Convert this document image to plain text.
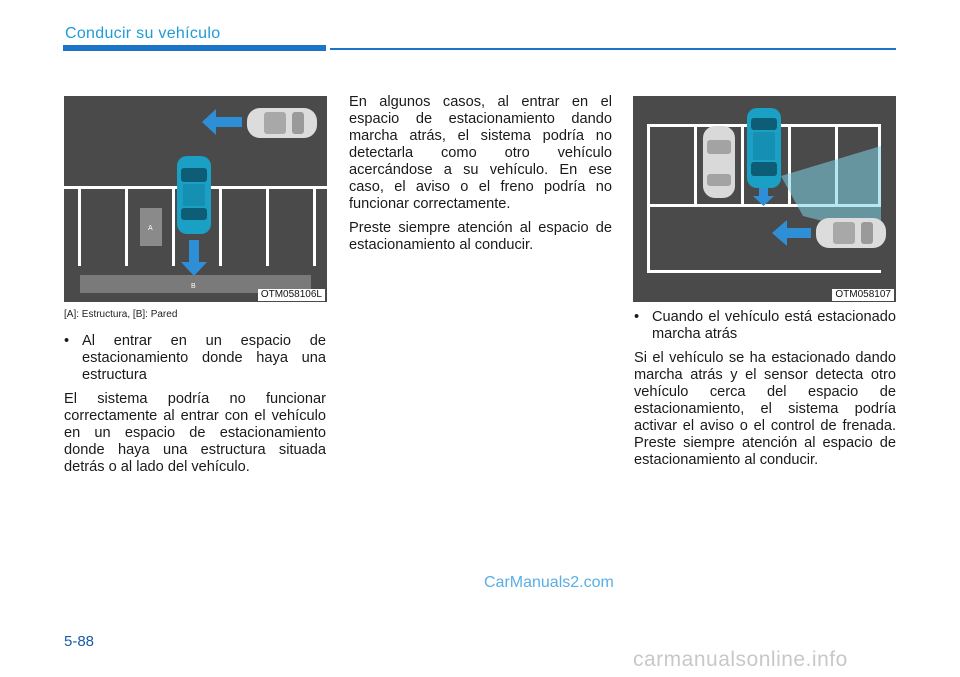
Conducir su vehículo
A
B
OTM058106L
[A]: Estructura, [B]: Pared
• Al entrar en un espacio de estacionamiento donde haya una estructura

El sistema podría no funcionar correctamente al entrar con el vehículo en un espacio de estacionamiento donde haya una estructura situada detrás o al lado del vehículo.

En algunos casos, al entrar en el espacio de estacionamiento dando marcha atrás, el sistema podría no detectarla como otro vehículo acercándose a su vehículo. En ese caso, el aviso o el freno podría no funcionar correctamente.

Preste siempre atención al espacio de estacionamiento al conducir.

OTM058107
• Cuando el vehículo está estacionado marcha atrás

Si el vehículo se ha estacionado dando marcha atrás y el sensor detecta otro vehículo cerca del espacio de estacionamiento, el sistema podría activar el aviso o el control de frenada. Preste siempre atención al espacio de estacionamiento al conducir.

CarManuals2.com
5-88
carmanualsonline.info
